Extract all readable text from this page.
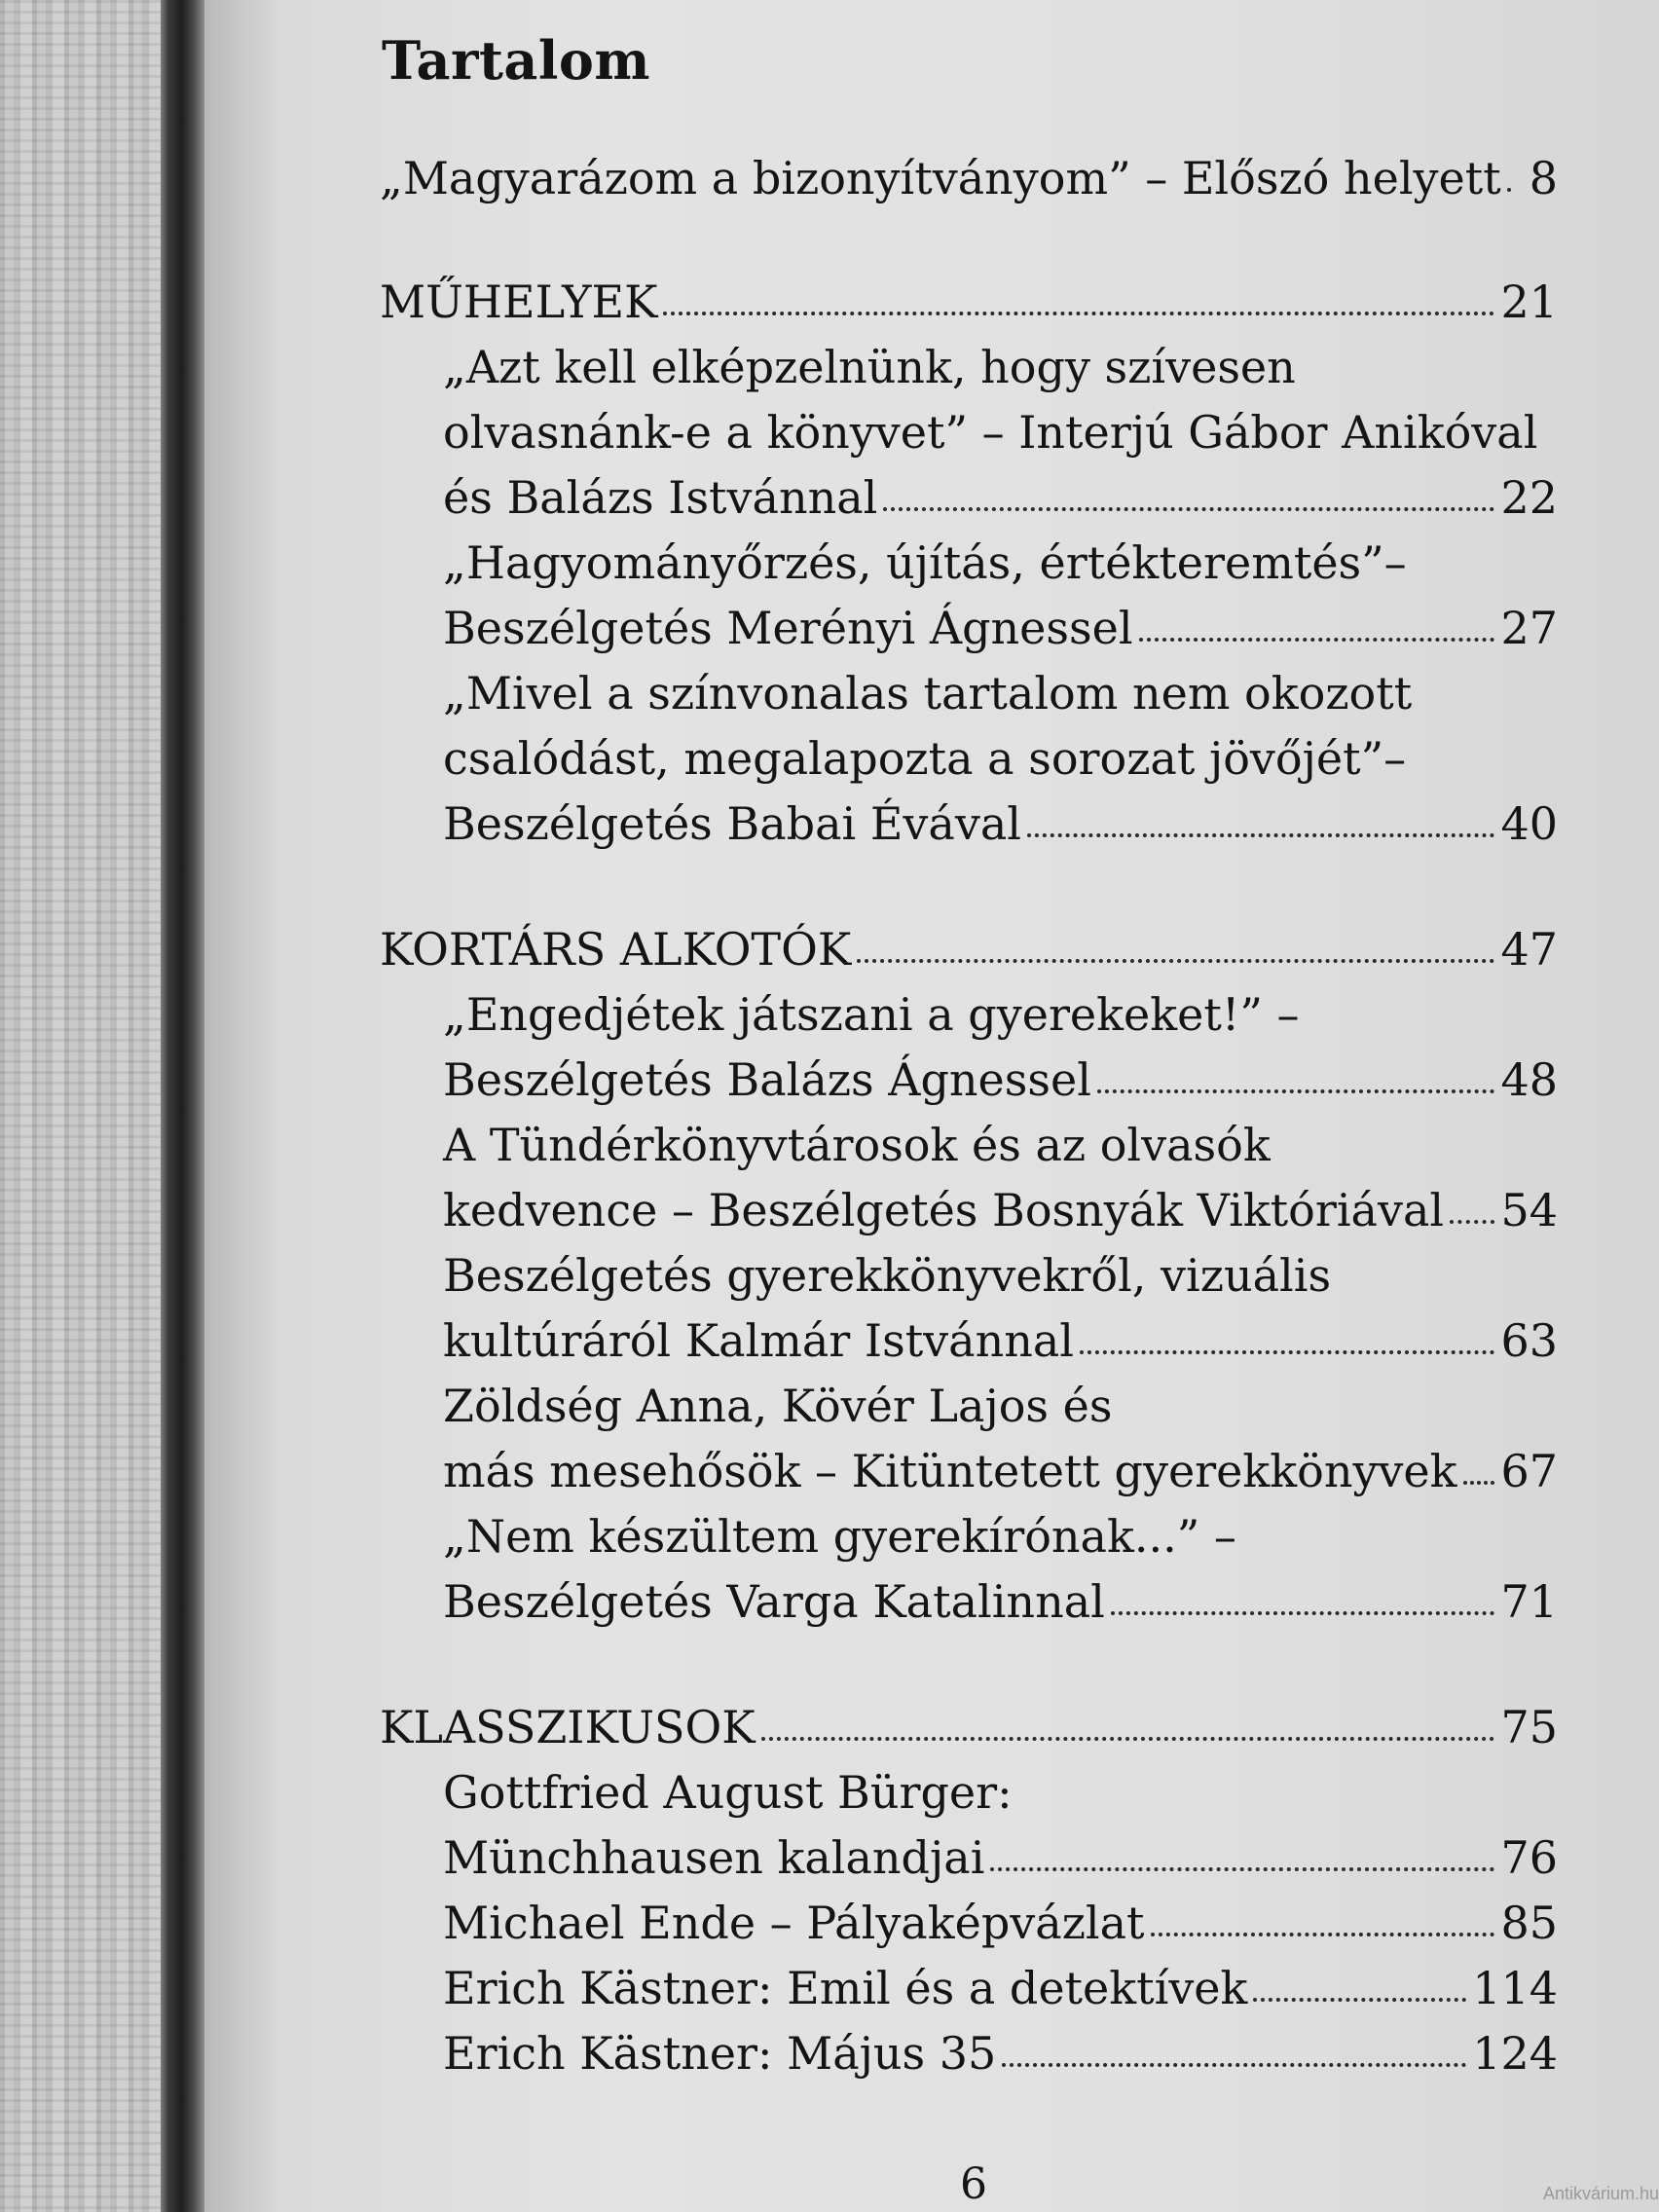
Tartalom
„Magyarázom a bizonyítványom” – Előszó helyett 8
MŰHELYEK	21
„Azt kell elképzelnünk, hogy szívesen
olvasnánk-e a könyvet” – Interjú Gábor Anikóval
és Balázs Istvánnal	22
„Hagyományőrzés, újítás, értékteremtés”–
Beszélgetés Merényi Ágnessel	27
„Mivel a színvonalas tartalom nem okozott
csalódást, megalapozta a sorozat jövőjét”–
Beszélgetés Babai Évával	40
KORTÁRS ALKOTÓK	47
„Engedjétek játszani a gyerekeket!” –
Beszélgetés Balázs Ágnessel	48
A Tündérkönyvtárosok és az olvasók
kedvence – Beszélgetés Bosnyák Viktóriával 54
Beszélgetés gyerekkönyvekről, vizuális
kultúráról Kalmár Istvánnal	63
Zöldség Anna, Kövér Lajos és
más mesehősök – Kitüntetett gyerekkönyvek 67
„Nem készültem gyerekírónak...” –
Beszélgetés Varga Katalinnal	71
KLASSZIKUSOK	75
Gottfried August Bürger:
Münchhausen kalandjai	76
Michael Ende – Pályaképvázlat	85
Erich Kästner: Emil és a detektívek	114
Erich Kästner: Május 35	124
6	Antikvárium.hu
